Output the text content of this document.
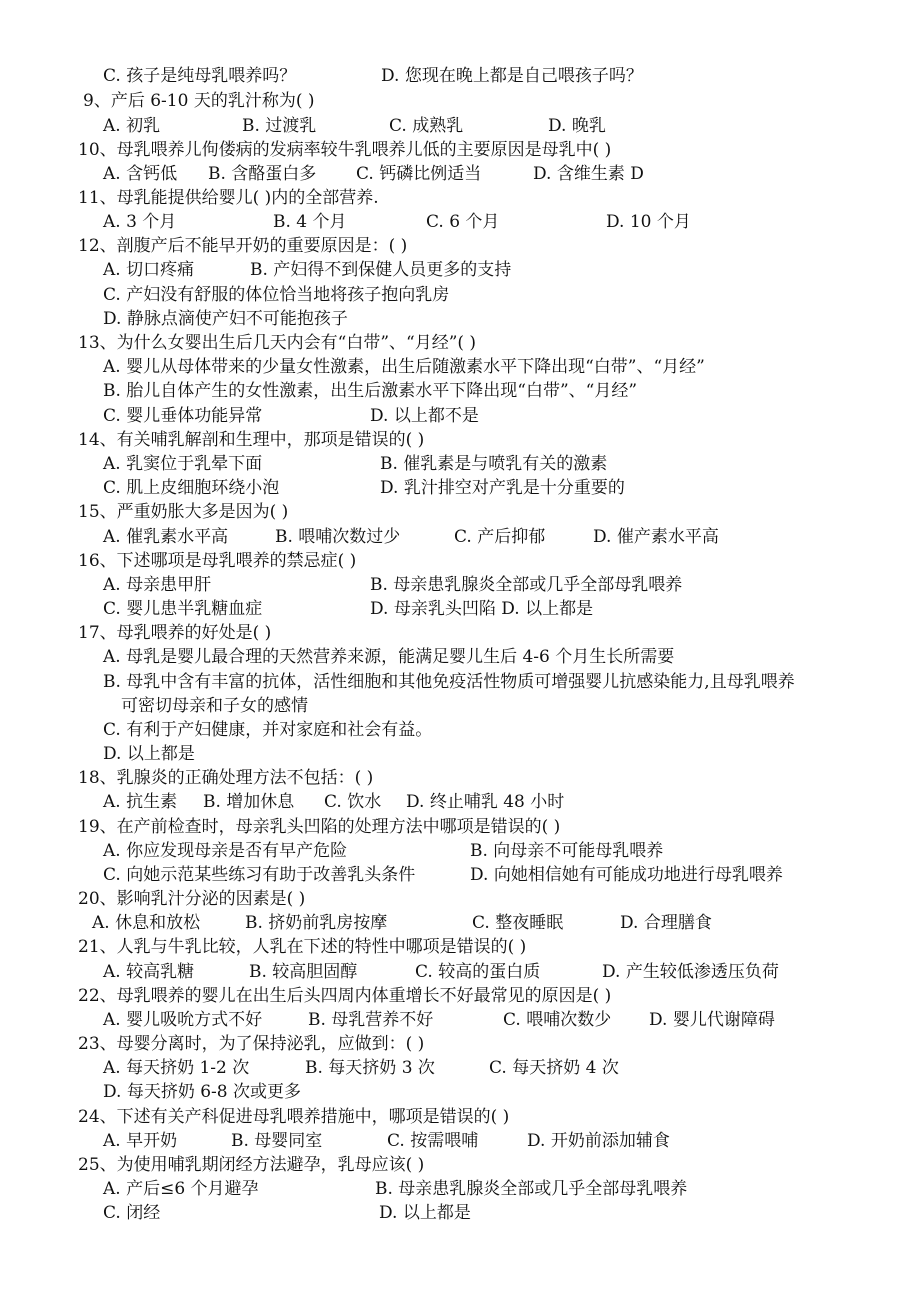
C. 孩子是纯母乳喂养吗？	D. 您现在晚上都是自己喂孩子吗？
9、产后 6-10 天的乳汁称为( )
A. 初乳	B. 过渡乳	C. 成熟乳	D. 晚乳
10、母乳喂养儿佝偻病的发病率较牛乳喂养儿低的主要原因是母乳中( )
A. 含钙低 B. 含酪蛋白多 C. 钙磷比例适当	D. 含维生素 D
11、母乳能提供给婴儿( )内的全部营养.
A. 3 个月	B. 4 个月	C. 6 个月	D. 10 个月
12、剖腹产后不能早开奶的重要原因是：( )
A. 切口疼痛	B. 产妇得不到保健人员更多的支持
C. 产妇没有舒服的体位恰当地将孩子抱向乳房
D. 静脉点滴使产妇不可能抱孩子
13、为什么女婴出生后几天内会有“白带”、“月经”( )
A. 婴儿从母体带来的少量女性激素，出生后随激素水平下降出现“白带”、“月经”
B. 胎儿自体产生的女性激素，出生后激素水平下降出现“白带”、“月经”
C. 婴儿垂体功能异常	D. 以上都不是
14、有关哺乳解剖和生理中，那项是错误的( )
A. 乳窦位于乳晕下面	B. 催乳素是与喷乳有关的激素
C. 肌上皮细胞环绕小泡	D. 乳汁排空对产乳是十分重要的
15、严重奶胀大多是因为( )
A. 催乳素水平高	B. 喂哺次数过少	C. 产后抑郁	D. 催产素水平高
16、下述哪项是母乳喂养的禁忌症( )
A. 母亲患甲肝	B. 母亲患乳腺炎全部或几乎全部母乳喂养
C. 婴儿患半乳糖血症	D. 母亲乳头凹陷 D. 以上都是
17、母乳喂养的好处是( )
A. 母乳是婴儿最合理的天然营养来源，能满足婴儿生后 4-6 个月生长所需要
B. 母乳中含有丰富的抗体，活性细胞和其他免疫活性物质可增强婴儿抗感染能力,且母乳喂养
可密切母亲和子女的感情
C. 有利于产妇健康，并对家庭和社会有益。
D. 以上都是
18、乳腺炎的正确处理方法不包括：( )
A. 抗生素 B. 增加休息 C. 饮水 D. 终止哺乳 48 小时
19、在产前检查时，母亲乳头凹陷的处理方法中哪项是错误的( )
A. 你应发现母亲是否有早产危险	B. 向母亲不可能母乳喂养
C. 向她示范某些练习有助于改善乳头条件	D. 向她相信她有可能成功地进行母乳喂养
20、影响乳汁分泌的因素是( )
A. 休息和放松	B. 挤奶前乳房按摩	C. 整夜睡眠	D. 合理膳食
21、人乳与牛乳比较，人乳在下述的特性中哪项是错误的( )
A. 较高乳糖	B. 较高胆固醇	C. 较高的蛋白质	D. 产生较低渗透压负荷
22、母乳喂养的婴儿在出生后头四周内体重增长不好最常见的原因是( )
A. 婴儿吸吮方式不好	B. 母乳营养不好	C. 喂哺次数少 D. 婴儿代谢障碍
23、母婴分离时，为了保持泌乳，应做到：( )
A. 每天挤奶 1-2 次	B. 每天挤奶 3 次	C. 每天挤奶 4 次
D. 每天挤奶 6-8 次或更多
24、下述有关产科促进母乳喂养措施中，哪项是错误的( )
A. 早开奶	B. 母婴同室	C. 按需喂哺	D. 开奶前添加辅食
25、为使用哺乳期闭经方法避孕，乳母应该( )
A. 产后≤6 个月避孕	B. 母亲患乳腺炎全部或几乎全部母乳喂养
C. 闭经	D. 以上都是
